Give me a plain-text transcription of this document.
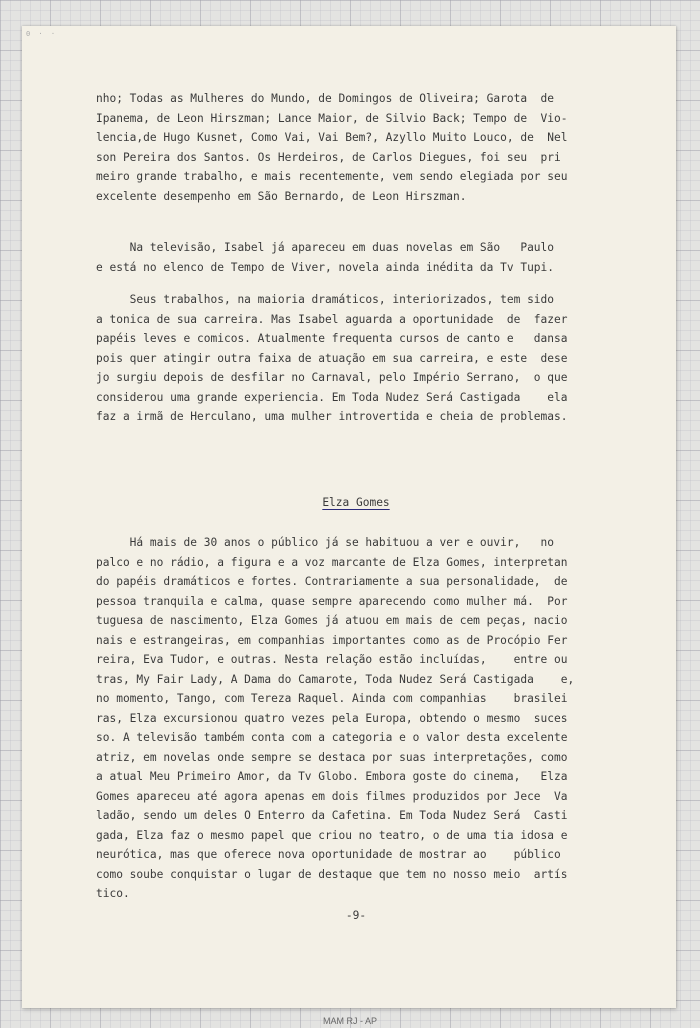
0 · ·
nho; Todas as Mulheres do Mundo, de Domingos de Oliveira; Garota  de
Ipanema, de Leon Hirszman; Lance Maior, de Silvio Back; Tempo de  Vio-
lencia,de Hugo Kusnet, Como Vai, Vai Bem?, Azyllo Muito Louco, de  Nel
son Pereira dos Santos. Os Herdeiros, de Carlos Diegues, foi seu  pri
meiro grande trabalho, e mais recentemente, vem sendo elegiada por seu
excelente desempenho em São Bernardo, de Leon Hirszman.
Na televisão, Isabel já apareceu em duas novelas em São   Paulo
e está no elenco de Tempo de Viver, novela ainda inédita da Tv Tupi.
Seus trabalhos, na maioria dramáticos, interiorizados, tem sido
a tonica de sua carreira. Mas Isabel aguarda a oportunidade  de  fazer
papéis leves e comicos. Atualmente frequenta cursos de canto e   dansa
pois quer atingir outra faixa de atuação em sua carreira, e este  dese
jo surgiu depois de desfilar no Carnaval, pelo Império Serrano,  o que
considerou uma grande experiencia. Em Toda Nudez Será Castigada    ela
faz a irmã de Herculano, uma mulher introvertida e cheia de problemas.
Elza Gomes
Há mais de 30 anos o público já se habituou a ver e ouvir,   no
palco e no rádio, a figura e a voz marcante de Elza Gomes, interpretan
do papéis dramáticos e fortes. Contrariamente a sua personalidade,  de
pessoa tranquila e calma, quase sempre aparecendo como mulher má.  Por
tuguesa de nascimento, Elza Gomes já atuou em mais de cem peças, nacio
nais e estrangeiras, em companhias importantes como as de Procópio Fer
reira, Eva Tudor, e outras. Nesta relação estão incluídas,    entre ou
tras, My Fair Lady, A Dama do Camarote, Toda Nudez Será Castigada    e,
no momento, Tango, com Tereza Raquel. Ainda com companhias    brasilei
ras, Elza excursionou quatro vezes pela Europa, obtendo o mesmo  suces
so. A televisão também conta com a categoria e o valor desta excelente
atriz, em novelas onde sempre se destaca por suas interpretações, como
a atual Meu Primeiro Amor, da Tv Globo. Embora goste do cinema,   Elza
Gomes apareceu até agora apenas em dois filmes produzidos por Jece  Va
ladão, sendo um deles O Enterro da Cafetina. Em Toda Nudez Será  Casti
gada, Elza faz o mesmo papel que criou no teatro, o de uma tia idosa e
neurótica, mas que oferece nova oportunidade de mostrar ao    público
como soube conquistar o lugar de destaque que tem no nosso meio  artís
tico.
-9-
MAM RJ - AP
